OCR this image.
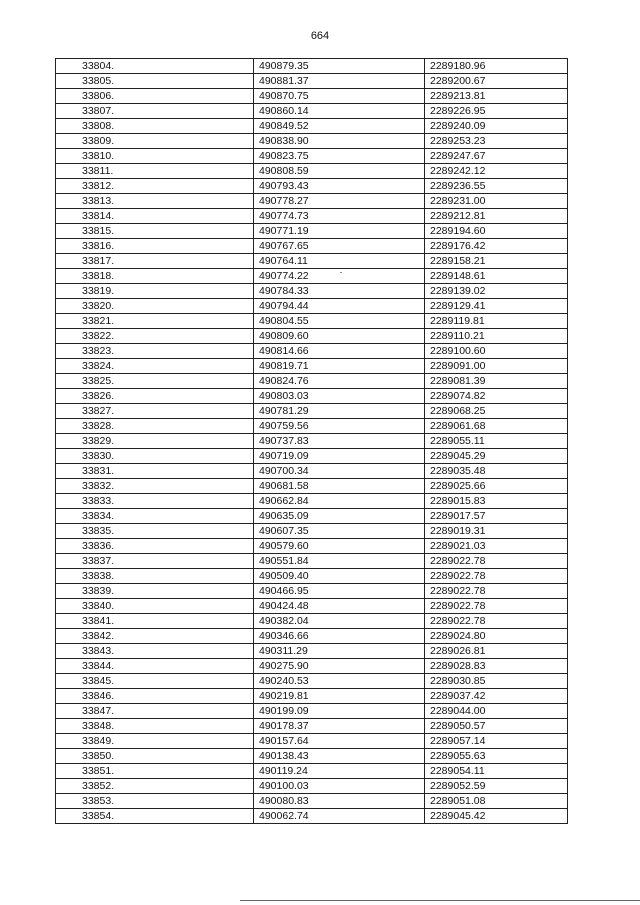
664
33804.	490879.35	2289180.96
33805.	490881.37	2289200.67
33806.	490870.75	2289213.81
33807.	490860.14	2289226.95
33808.	490849.52	2289240.09
33809.	490838.90	2289253.23
33810.	490823.75	2289247.67
33811.	490808.59	2289242.12
33812.	490793.43	2289236.55
33813.	490778.27	2289231.00
33814.	490774.73	2289212.81
33815.	490771.19	2289194.60
33816.	490767.65	2289176.42
33817.	490764.11	2289158.21
33818.	490774.22	2289148.61
33819.	490784.33	2289139.02
33820.	490794.44	2289129.41
33821.	490804.55	2289119.81
33822.	490809.60	2289110.21
33823.	490814.66	2289100.60
33824.	490819.71	2289091.00
33825.	490824.76	2289081.39
33826.	490803.03	2289074.82
33827.	490781.29	2289068.25
33828.	490759.56	2289061.68
33829.	490737.83	2289055.11
33830.	490719.09	2289045.29
33831.	490700.34	2289035.48
33832.	490681.58	2289025.66
33833.	490662.84	2289015.83
33834.	490635.09	2289017.57
33835.	490607.35	2289019.31
33836.	490579.60	2289021.03
33837.	490551.84	2289022.78
33838.	490509.40	2289022.78
33839.	490466.95	2289022.78
33840.	490424.48	2289022.78
33841.	490382.04	2289022.78
33842.	490346.66	2289024.80
33843.	490311.29	2289026.81
33844.	490275.90	2289028.83
33845.	490240.53	2289030.85
33846.	490219.81	2289037.42
33847.	490199.09	2289044.00
33848.	490178.37	2289050.57
33849.	490157.64	2289057.14
33850.	490138.43	2289055.63
33851.	490119.24	2289054.11
33852.	490100.03	2289052.59
33853.	490080.83	2289051.08
33854.	490062.74	2289045.42
